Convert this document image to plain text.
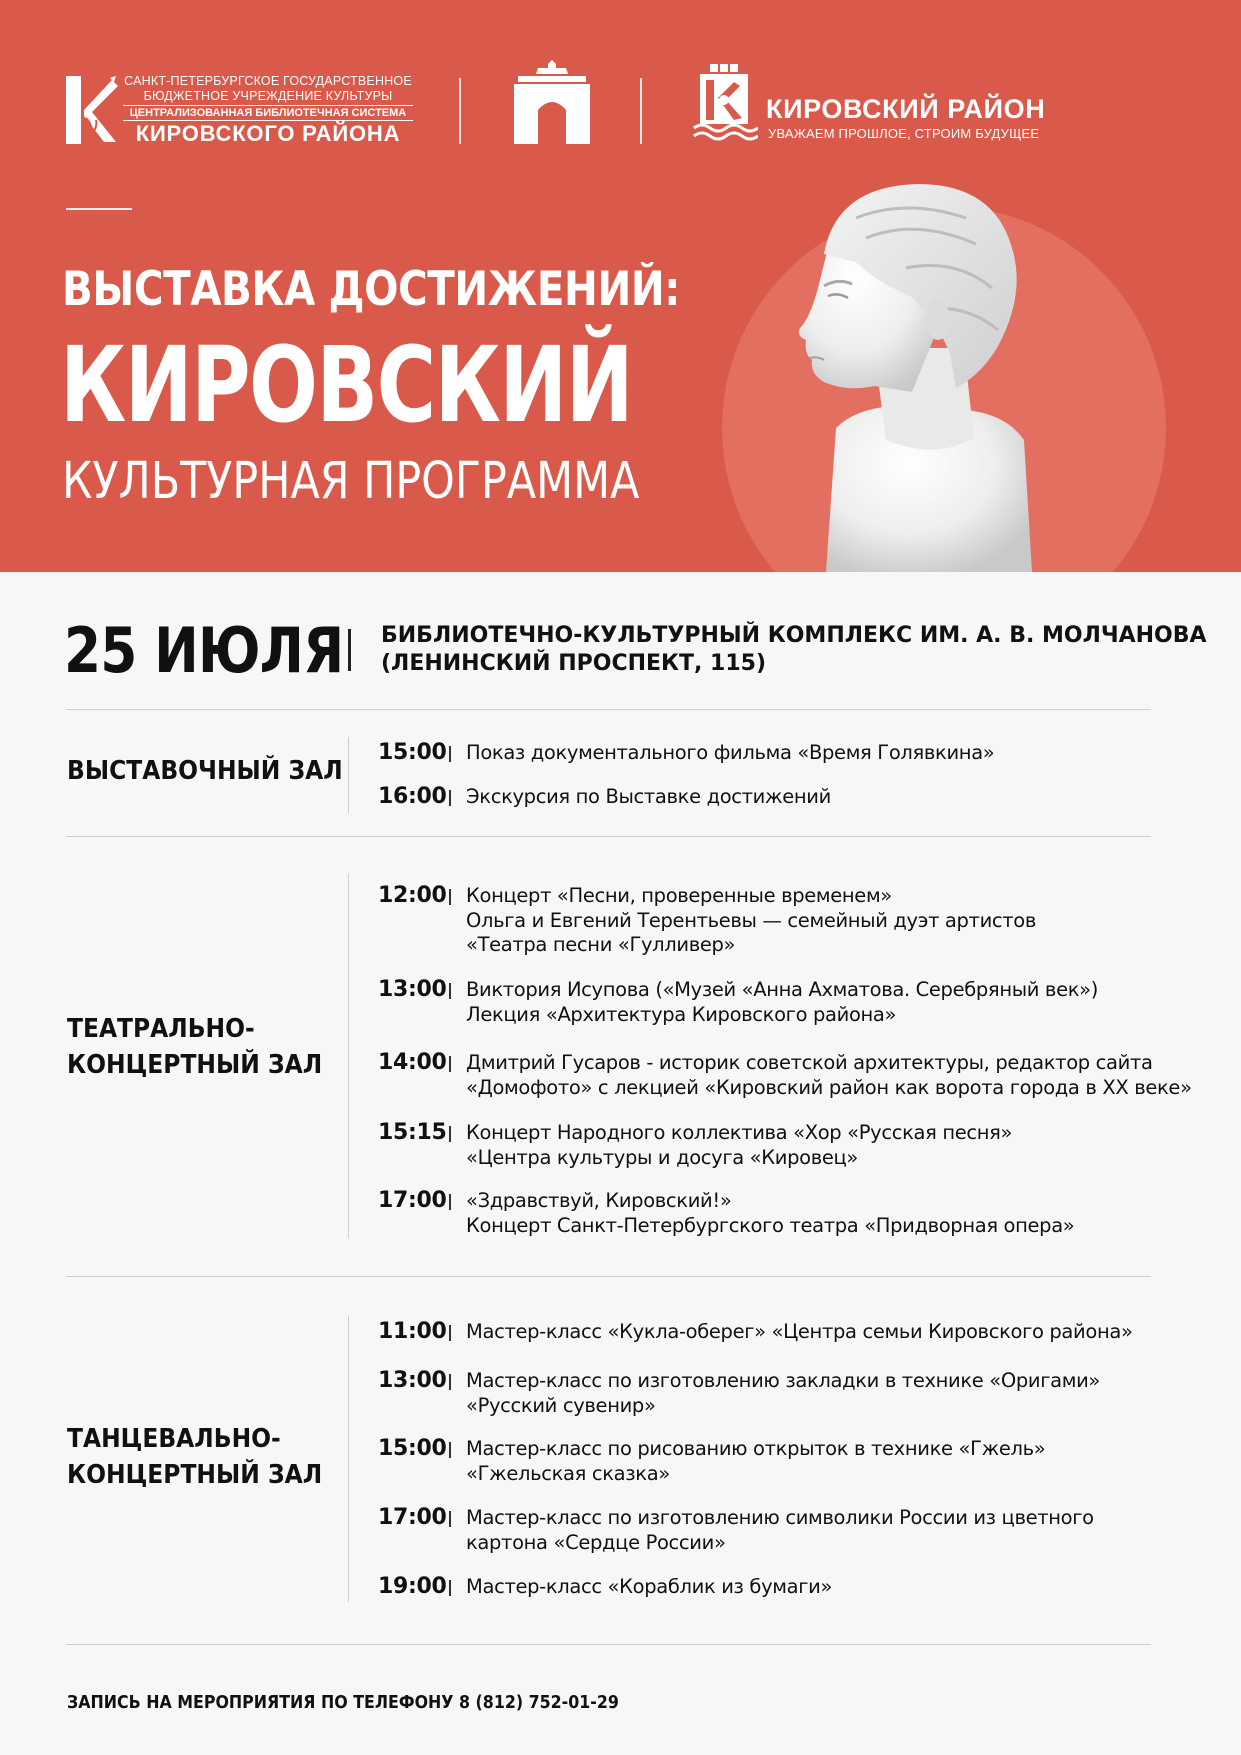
САНКТ-ПЕТЕРБУРГСКОЕ ГОСУДАРСТВЕННОЕ
БЮДЖЕТНОЕ УЧРЕЖДЕНИЕ КУЛЬТУРЫ
ЦЕНТРАЛИЗОВАННАЯ БИБЛИОТЕЧНАЯ СИСТЕМА
КИРОВСКОГО РАЙОНА
КИРОВСКИЙ РАЙОН
УВАЖАЕМ ПРОШЛОЕ, СТРОИМ БУДУЩЕЕ
ВЫСТАВКА ДОСТИЖЕНИЙ:
КИРОВСКИЙ
КУЛЬТУРНАЯ ПРОГРАММА
25 ИЮЛЯ БИБЛИОТЕЧНО-КУЛЬТУРНЫЙ КОМПЛЕКС ИМ. А. В. МОЛЧАНОВА
(ЛЕНИНСКИЙ ПРОСПЕКТ, 115)
ВЫСТАВОЧНЫЙ ЗАЛ
15:00 Показ документального фильма «Время Голявкина»
16:00 Экскурсия по Выставке достижений
ТЕАТРАЛЬНО-
КОНЦЕРТНЫЙ ЗАЛ
12:00 Концерт «Песни, проверенные временем»
Ольга и Евгений Терентьевы — семейный дуэт артистов
«Театра песни «Гулливер»
13:00 Виктория Исупова («Музей «Анна Ахматова. Серебряный век»)
Лекция «Архитектура Кировского района»
14:00 Дмитрий Гусаров - историк советской архитектуры, редактор сайта
«Домофото» с лекцией «Кировский район как ворота города в XX веке»
15:15 Концерт Народного коллектива «Хор «Русская песня»
«Центра культуры и досуга «Кировец»
17:00 «Здравствуй, Кировский!»
Концерт Санкт-Петербургского театра «Придворная опера»
ТАНЦЕВАЛЬНО-
КОНЦЕРТНЫЙ ЗАЛ
11:00 Мастер-класс «Кукла-оберег» «Центра семьи Кировского района»
13:00 Мастер-класс по изготовлению закладки в технике «Оригами»
«Русский сувенир»
15:00 Мастер-класс по рисованию открыток в технике «Гжель»
«Гжельская сказка»
17:00 Мастер-класс по изготовлению символики России из цветного
картона «Сердце России»
19:00 Мастер-класс «Кораблик из бумаги»
ЗАПИСЬ НА МЕРОПРИЯТИЯ ПО ТЕЛЕФОНУ 8 (812) 752-01-29
